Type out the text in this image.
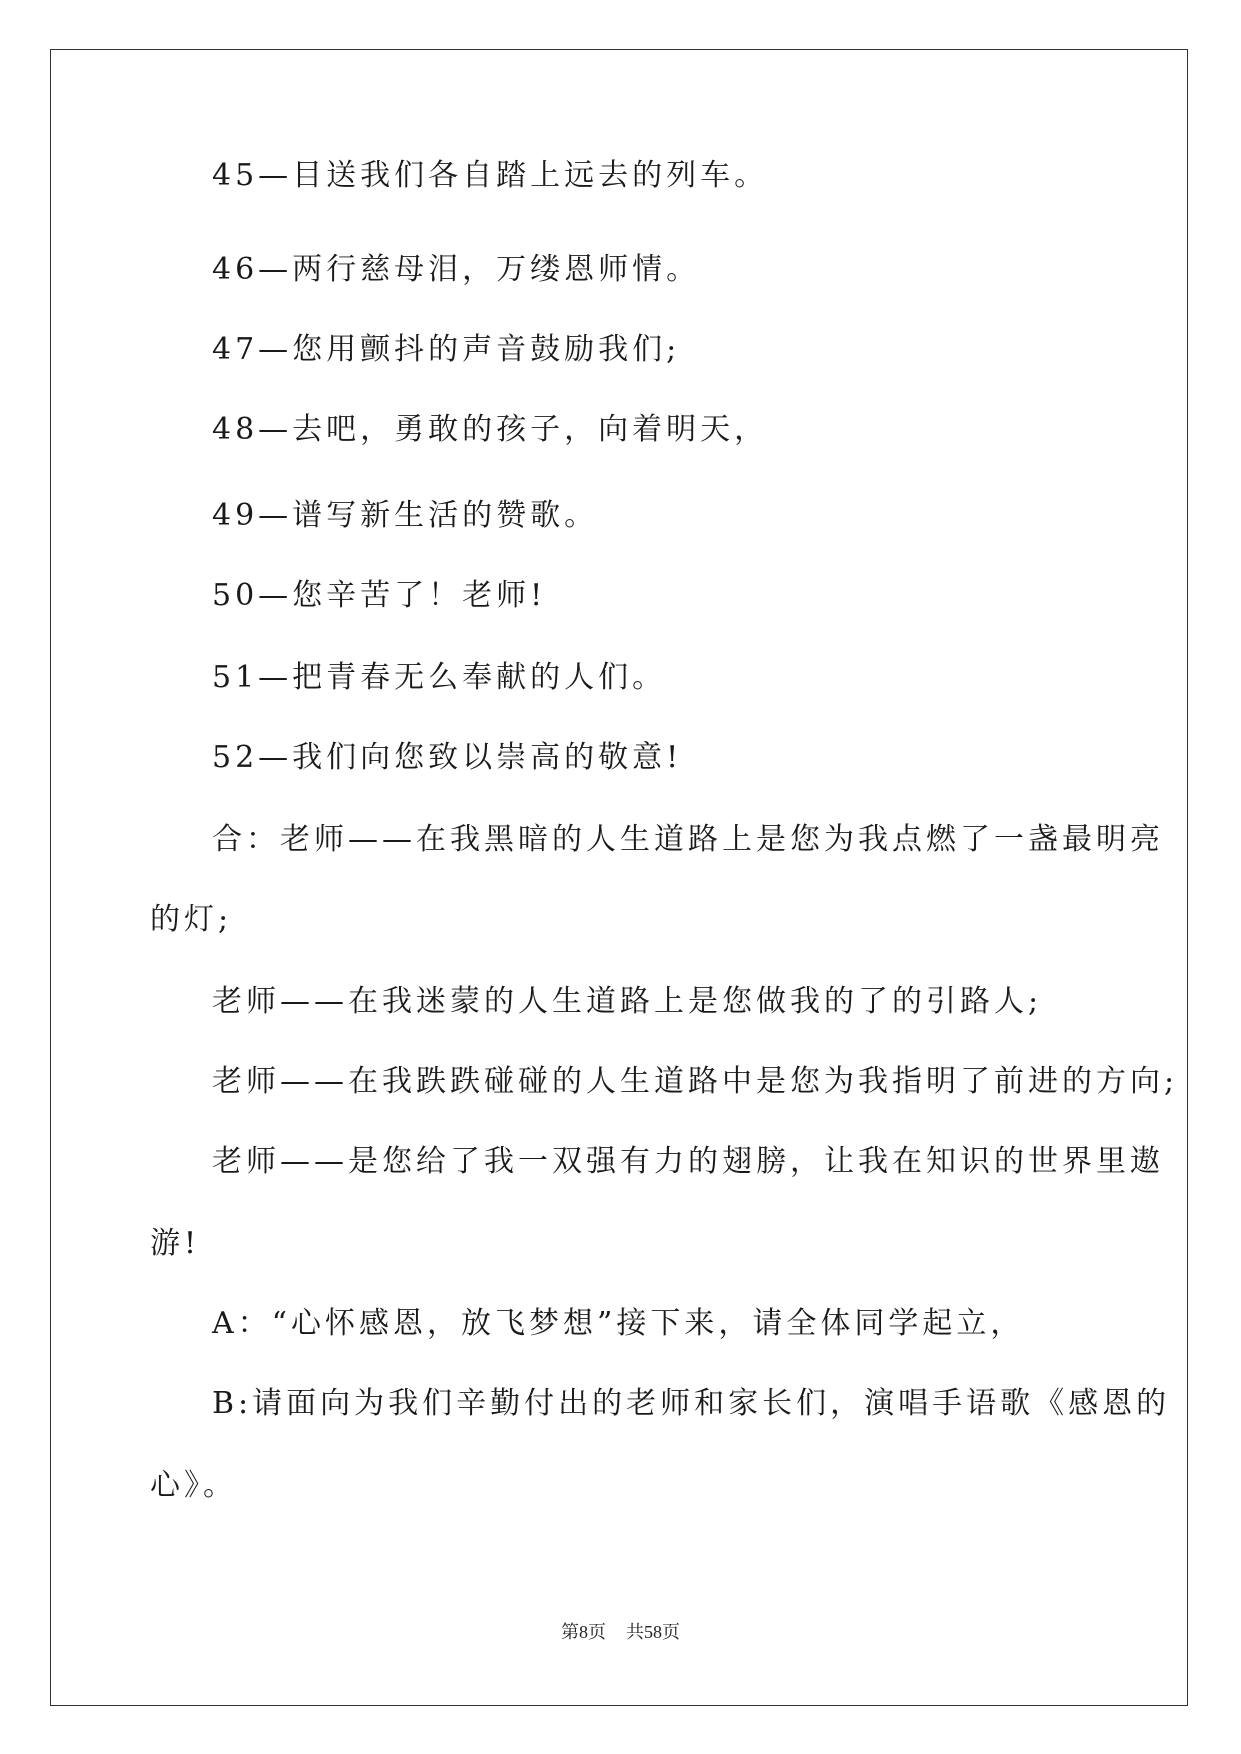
45—目送我们各自踏上远去的列车。
46—两行慈母泪，万缕恩师情。
47—您用颤抖的声音鼓励我们;
48—去吧，勇敢的孩子，向着明天，
49—谱写新生活的赞歌。
50—您辛苦了！老师!
51—把青春无么奉献的人们。
52—我们向您致以崇高的敬意!
合：老师——在我黑暗的人生道路上是您为我点燃了一盏最明亮
的灯;
老师——在我迷蒙的人生道路上是您做我的了的引路人;
老师——在我跌跌碰碰的人生道路中是您为我指明了前进的方向;
老师——是您给了我一双强有力的翅膀，让我在知识的世界里遨
游!
A：“心怀感恩，放飞梦想”接下来，请全体同学起立，
B:请面向为我们辛勤付出的老师和家长们，演唱手语歌《感恩的
心》。
第8页 共58页
